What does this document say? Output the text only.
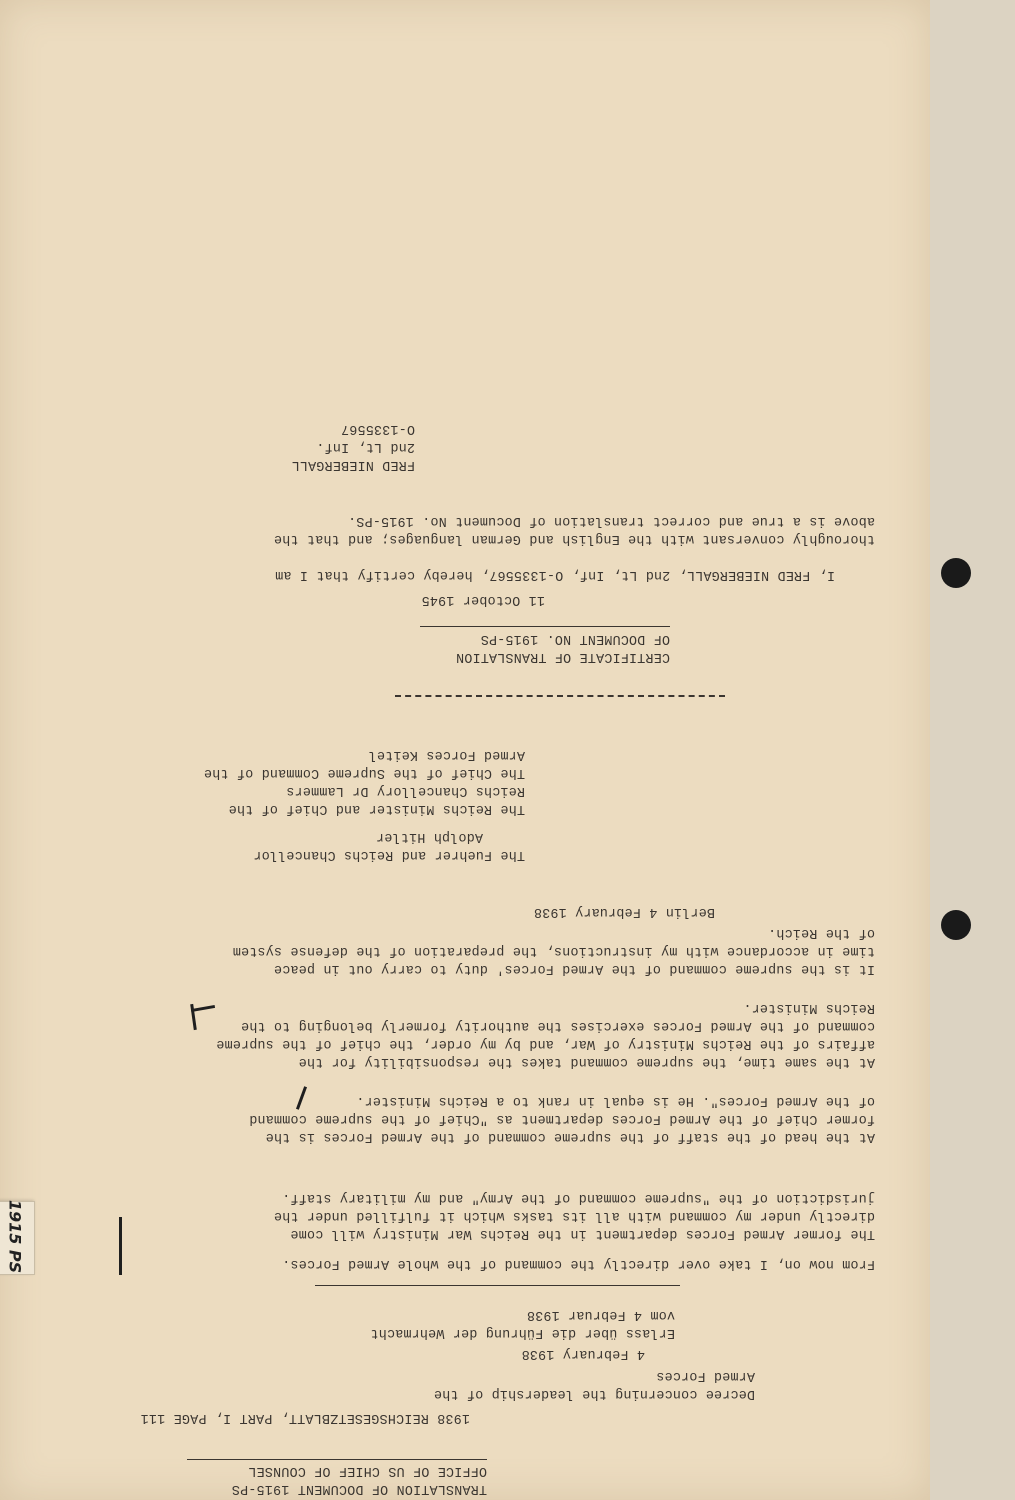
TRANSLATION OF DOCUMENT 1915-PS
OFFICE OF US CHIEF OF COUNSEL
1938 REICHSGESETZBLATT, PART I, PAGE 111
Decree concerning the leadership of the
Armed Forces
4 February 1938
Erlass über die Führung der Wehrmacht
vom 4 Februar 1938
From now on, I take over directly the command of the whole Armed Forces.
The former Armed Forces department in the Reichs War Ministry will come
directly under my command with all its tasks which it fulfilled under the
jurisdiction of the "supreme command of the Army" and my military staff.
At the head of the staff of the supreme command of the Armed Forces is the
former Chief of the Armed Forces department as "Chief of the supreme command
of the Armed Forces". He is equal in rank to a Reichs Minister.
At the same time, the supreme command takes the responsibility for the
affairs of the Reichs Ministry of War, and by my order, the chief of the supreme
command of the Armed Forces exercises the authority formerly belonging to the
Reichs Minister.
It is the supreme command of the Armed Forces' duty to carry out in peace
time in accordance with my instructions, the preparation of the defense system
of the Reich.
Berlin 4 February 1938
The Fuehrer and Reichs Chancellor
Adolph Hitler
The Reichs Minister and Chief of the
Reichs Chancellory Dr Lammers
The Chief of the Supreme Command of the
Armed Forces Keitel
CERTIFICATE OF TRANSLATION
OF DOCUMENT NO. 1915-PS
11 October 1945
I, FRED NIEBERGALL, 2nd Lt, Inf, O-1335567, hereby certify that I am
thoroughly conversant with the English and German languages; and that the
above is a true and correct translation of Document No. 1915-PS.
FRED NIEBERGALL
2nd Lt, Inf.
O-1335567
1915 PS
